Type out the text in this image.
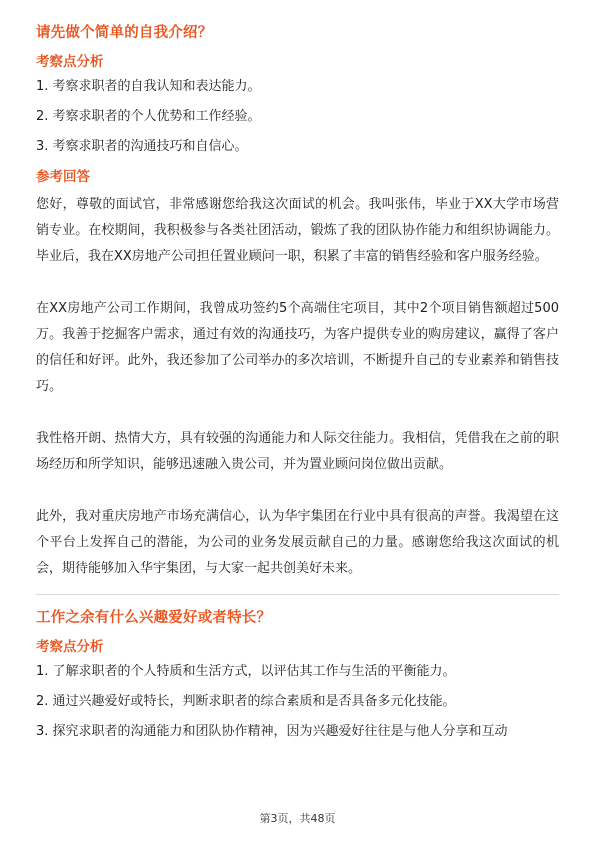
请先做个简单的自我介绍？
考察点分析
1. 考察求职者的自我认知和表达能力。
2. 考察求职者的个人优势和工作经验。
3. 考察求职者的沟通技巧和自信心。
参考回答
您好，尊敬的面试官，非常感谢您给我这次面试的机会。我叫张伟，毕业于XX大学市场营销专业。在校期间，我积极参与各类社团活动，锻炼了我的团队协作能力和组织协调能力。毕业后，我在XX房地产公司担任置业顾问一职，积累了丰富的销售经验和客户服务经验。
在XX房地产公司工作期间，我曾成功签约5个高端住宅项目，其中2个项目销售额超过500万。我善于挖掘客户需求，通过有效的沟通技巧，为客户提供专业的购房建议，赢得了客户的信任和好评。此外，我还参加了公司举办的多次培训，不断提升自己的专业素养和销售技巧。
我性格开朗、热情大方，具有较强的沟通能力和人际交往能力。我相信，凭借我在之前的职场经历和所学知识，能够迅速融入贵公司，并为置业顾问岗位做出贡献。
此外，我对重庆房地产市场充满信心，认为华宇集团在行业中具有很高的声誉。我渴望在这个平台上发挥自己的潜能，为公司的业务发展贡献自己的力量。感谢您给我这次面试的机会，期待能够加入华宇集团，与大家一起共创美好未来。
工作之余有什么兴趣爱好或者特长？
考察点分析
1. 了解求职者的个人特质和生活方式，以评估其工作与生活的平衡能力。
2. 通过兴趣爱好或特长，判断求职者的综合素质和是否具备多元化技能。
3. 探究求职者的沟通能力和团队协作精神，因为兴趣爱好往往是与他人分享和互动
第3页，共48页
